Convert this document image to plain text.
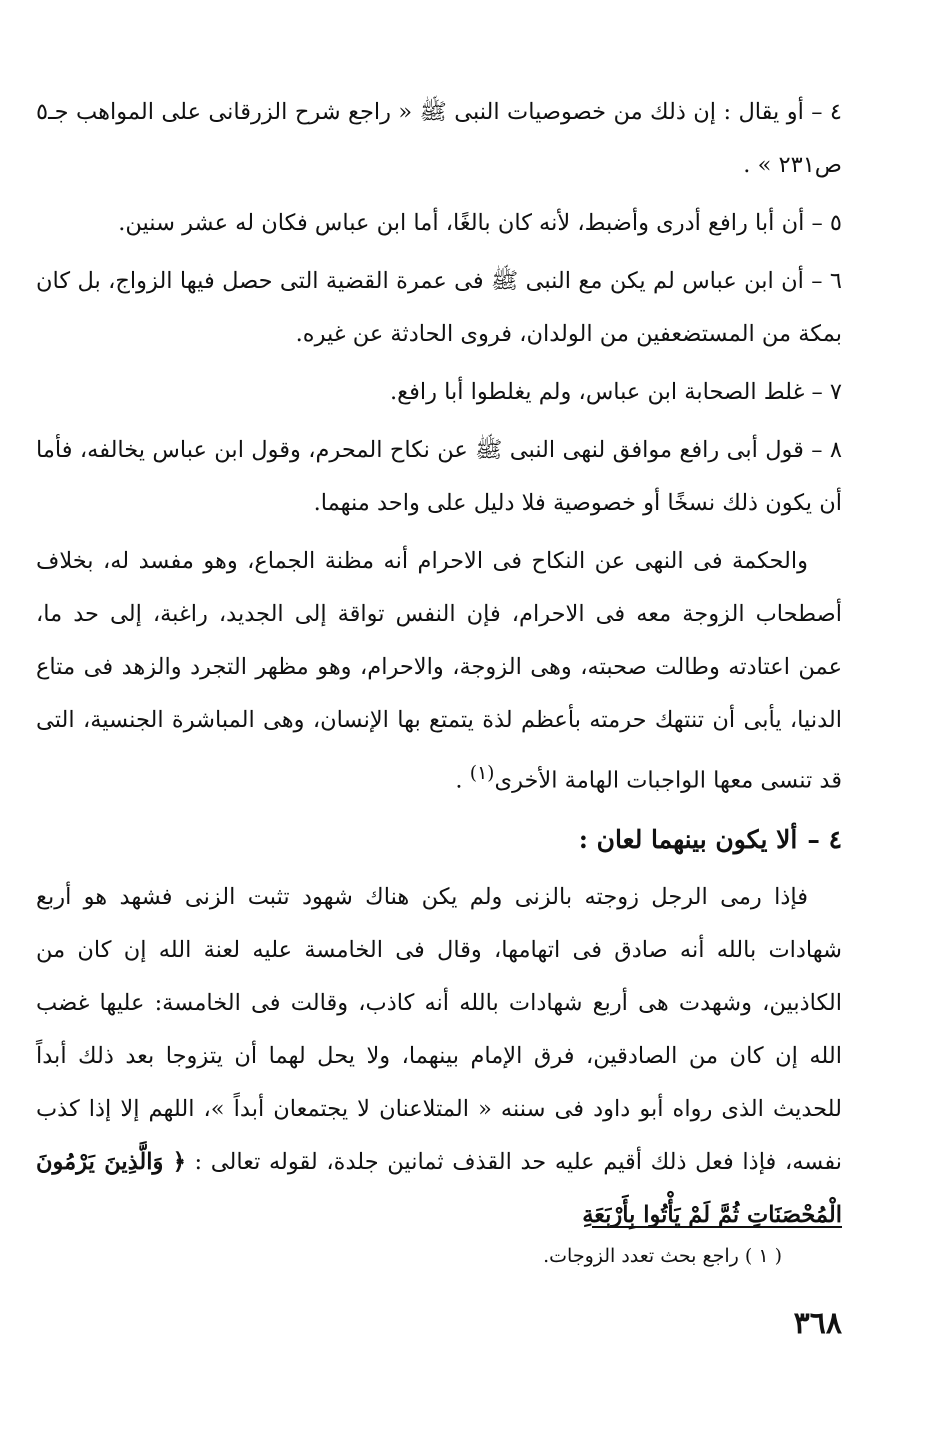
٤ – أو يقال : إن ذلك من خصوصيات النبى ﷺ « راجع شرح الزرقانى على المواهب جـ٥ ص٢٣١ » .

٥ – أن أبا رافع أدرى وأضبط، لأنه كان بالغًا، أما ابن عباس فكان له عشر سنين.

٦ – أن ابن عباس لم يكن مع النبى ﷺ فى عمرة القضية التى حصل فيها الزواج، بل كان بمكة من المستضعفين من الولدان، فروى الحادثة عن غيره.

٧ – غلط الصحابة ابن عباس، ولم يغلطوا أبا رافع.

٨ – قول أبى رافع موافق لنهى النبى ﷺ عن نكاح المحرم، وقول ابن عباس يخالفه، فأما أن يكون ذلك نسخًا أو خصوصية فلا دليل على واحد منهما.

والحكمة فى النهى عن النكاح فى الاحرام أنه مظنة الجماع، وهو مفسد له، بخلاف أصطحاب الزوجة معه فى الاحرام، فإن النفس تواقة إلى الجديد، راغبة، إلى حد ما، عمن اعتادته وطالت صحبته، وهى الزوجة، والاحرام، وهو مظهر التجرد والزهد فى متاع الدنيا، يأبى أن تنتهك حرمته بأعظم لذة يتمتع بها الإنسان، وهى المباشرة الجنسية، التى قد تنسى معها الواجبات الهامة الأخرى$^{(١)}$ .

٤ –ألا يكون بينهما لعان :

فإذا رمى الرجل زوجته بالزنى ولم يكن هناك شهود تثبت الزنى فشهد هو أربع شهادات بالله أنه صادق فى اتهامها، وقال فى الخامسة عليه لعنة الله إن كان من الكاذبين، وشهدت هى أربع شهادات بالله أنه كاذب، وقالت فى الخامسة: عليها غضب الله إن كان من الصادقين، فرق الإمام بينهما، ولا يحل لهما أن يتزوجا بعد ذلك أبداً للحديث الذى رواه أبو داود فى سننه « المتلاعنان لا يجتمعان أبداً »، اللهم إلا إذا كذب نفسه، فإذا فعل ذلك أقيم عليه حد القذف ثمانين جلدة، لقوله تعالى : ﴿ وَالَّذِينَ يَرْمُونَ الْمُحْصَنَاتِ ثُمَّ لَمْ يَأْتُوا بِأَرْبَعَةِ

( ١ ) راجع بحث تعدد الزوجات.
٣٦٨
